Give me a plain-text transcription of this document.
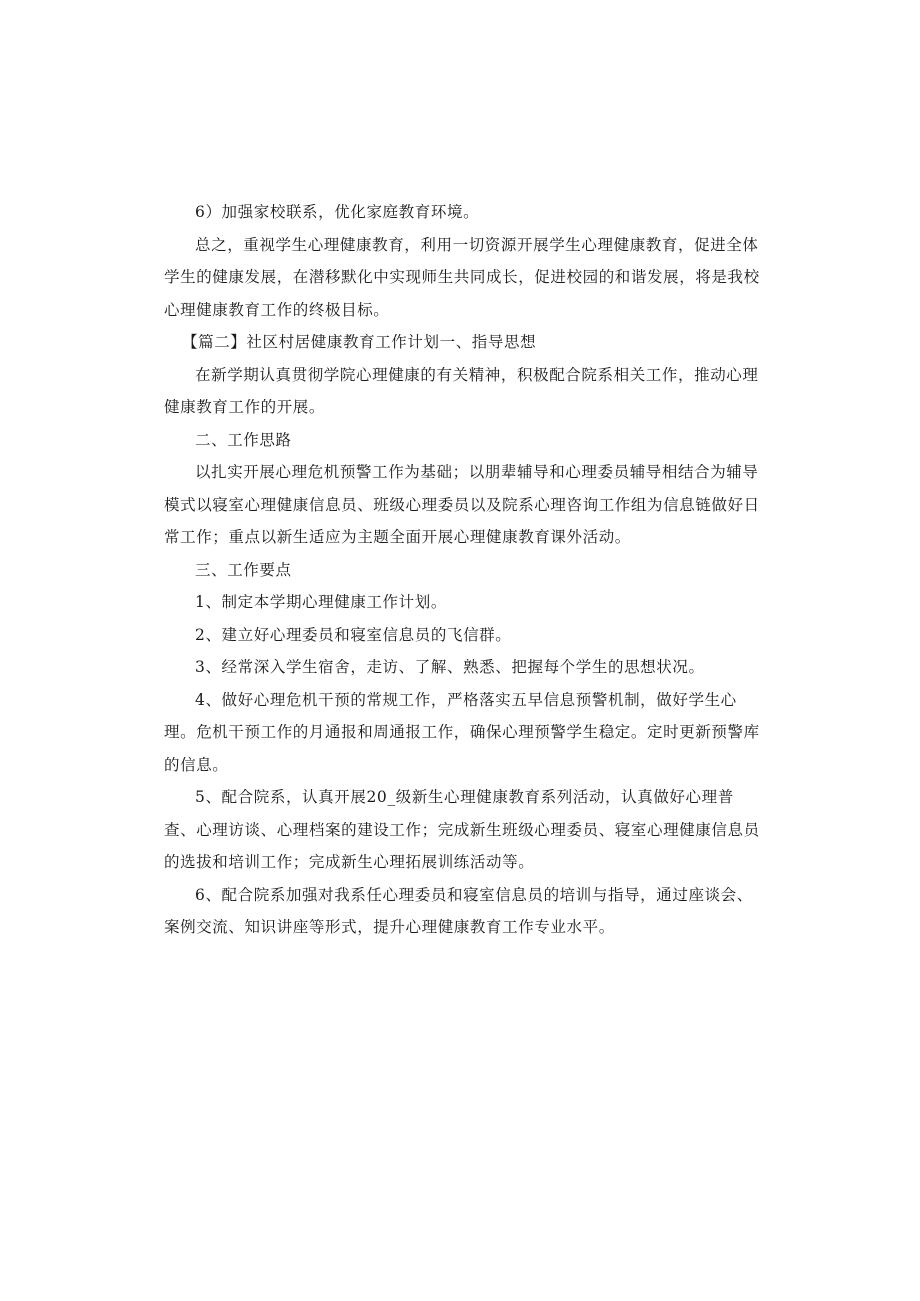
6）加强家校联系，优化家庭教育环境。

总之，重视学生心理健康教育，利用一切资源开展学生心理健康教育，促进全体学生的健康发展，在潜移默化中实现师生共同成长，促进校园的和谐发展，将是我校心理健康教育工作的终极目标。

【篇二】社区村居健康教育工作计划一、指导思想

在新学期认真贯彻学院心理健康的有关精神，积极配合院系相关工作，推动心理健康教育工作的开展。

二、工作思路

以扎实开展心理危机预警工作为基础；以朋辈辅导和心理委员辅导相结合为辅导模式以寝室心理健康信息员、班级心理委员以及院系心理咨询工作组为信息链做好日常工作；重点以新生适应为主题全面开展心理健康教育课外活动。

三、工作要点

1、制定本学期心理健康工作计划。

2、建立好心理委员和寝室信息员的飞信群。

3、经常深入学生宿舍，走访、了解、熟悉、把握每个学生的思想状况。

4、做好心理危机干预的常规工作，严格落实五早信息预警机制，做好学生心理。危机干预工作的月通报和周通报工作，确保心理预警学生稳定。定时更新预警库的信息。

5、配合院系，认真开展20_级新生心理健康教育系列活动，认真做好心理普查、心理访谈、心理档案的建设工作；完成新生班级心理委员、寝室心理健康信息员的选拔和培训工作；完成新生心理拓展训练活动等。

6、配合院系加强对我系任心理委员和寝室信息员的培训与指导，通过座谈会、案例交流、知识讲座等形式，提升心理健康教育工作专业水平。
